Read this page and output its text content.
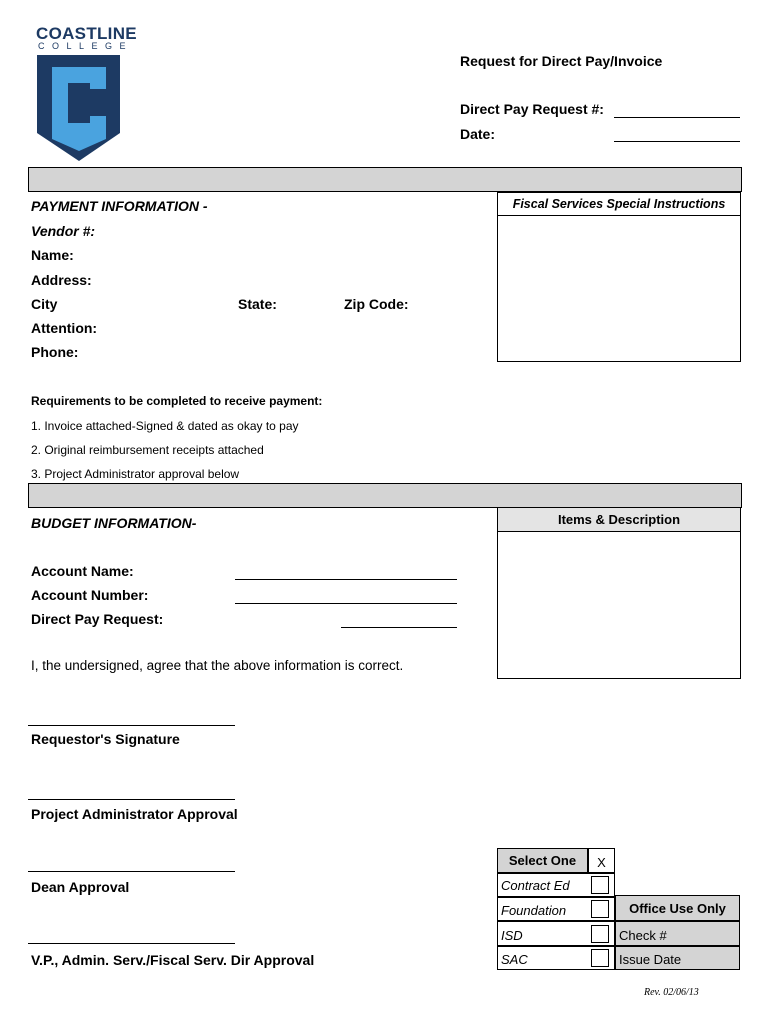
COASTLINE
COLLEGE
Request for Direct Pay/Invoice
Direct Pay Request #:
Date:
PAYMENT INFORMATION -
Vendor #:
Name:
Address:
City	State:	Zip Code:
Attention:
Phone:
Fiscal Services Special Instructions
Requirements to be completed to receive payment:
1. Invoice attached-Signed & dated as okay to pay
2. Original reimbursement receipts attached
3. Project Administrator approval below
BUDGET INFORMATION-
Account Name:
Account Number:
Direct Pay Request:
I, the undersigned, agree that the above information is correct.
Items & Description
Requestor's Signature
Project Administrator Approval
Dean Approval
V.P., Admin. Serv./Fiscal Serv. Dir Approval
Select One	X
Contract Ed
Foundation
ISD
SAC
Office Use Only
Check #
Issue Date
Rev. 02/06/13
